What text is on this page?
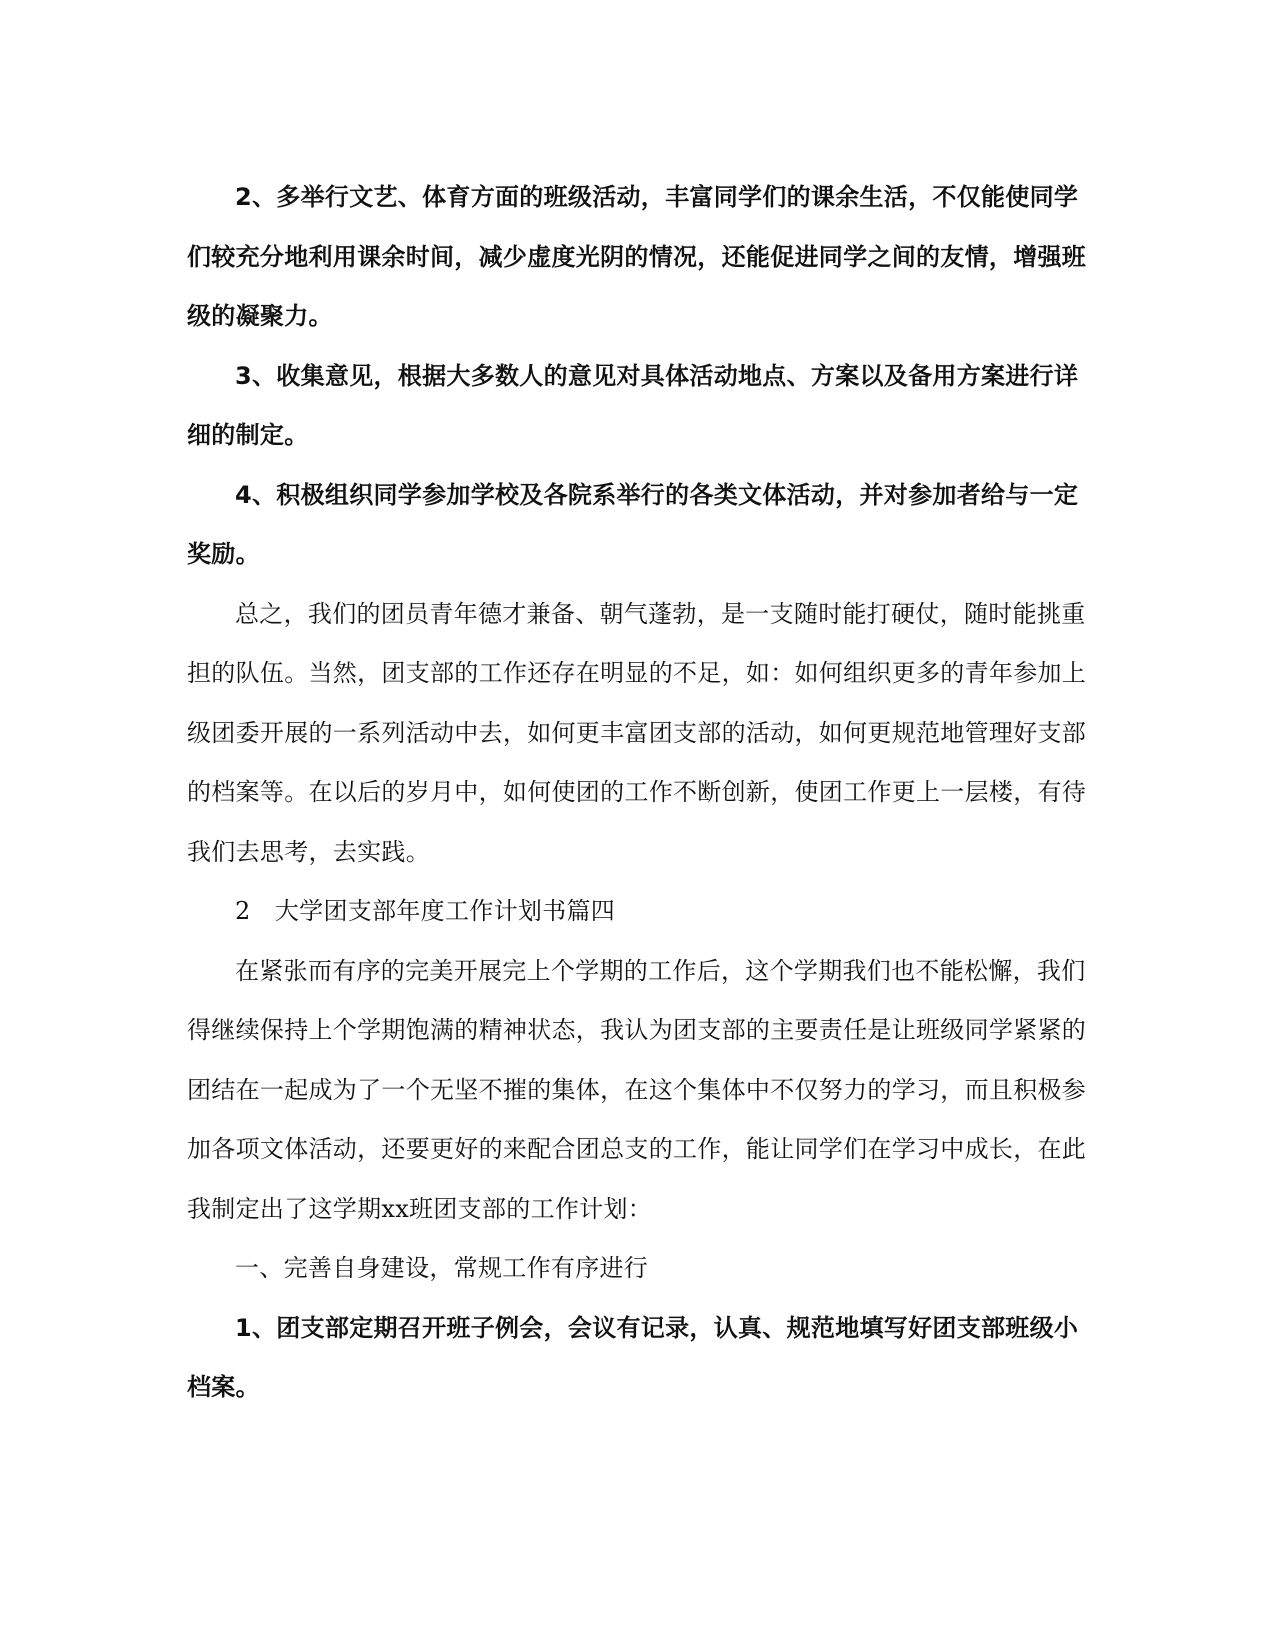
2、多举行文艺、体育方面的班级活动，丰富同学们的课余生活，不仅能使同学们较充分地利用课余时间，减少虚度光阴的情况，还能促进同学之间的友情，增强班级的凝聚力。

3、收集意见，根据大多数人的意见对具体活动地点、方案以及备用方案进行详细的制定。

4、积极组织同学参加学校及各院系举行的各类文体活动，并对参加者给与一定奖励。

总之，我们的团员青年德才兼备、朝气蓬勃，是一支随时能打硬仗，随时能挑重担的队伍。当然，团支部的工作还存在明显的不足，如：如何组织更多的青年参加上级团委开展的一系列活动中去，如何更丰富团支部的活动，如何更规范地管理好支部的档案等。在以后的岁月中，如何使团的工作不断创新，使团工作更上一层楼，有待我们去思考，去实践。

2　大学团支部年度工作计划书篇四

在紧张而有序的完美开展完上个学期的工作后，这个学期我们也不能松懈，我们得继续保持上个学期饱满的精神状态，我认为团支部的主要责任是让班级同学紧紧的团结在一起成为了一个无坚不摧的集体，在这个集体中不仅努力的学习，而且积极参加各项文体活动，还要更好的来配合团总支的工作，能让同学们在学习中成长，在此我制定出了这学期xx班团支部的工作计划：

一、完善自身建设，常规工作有序进行

1、团支部定期召开班子例会，会议有记录，认真、规范地填写好团支部班级小档案。
